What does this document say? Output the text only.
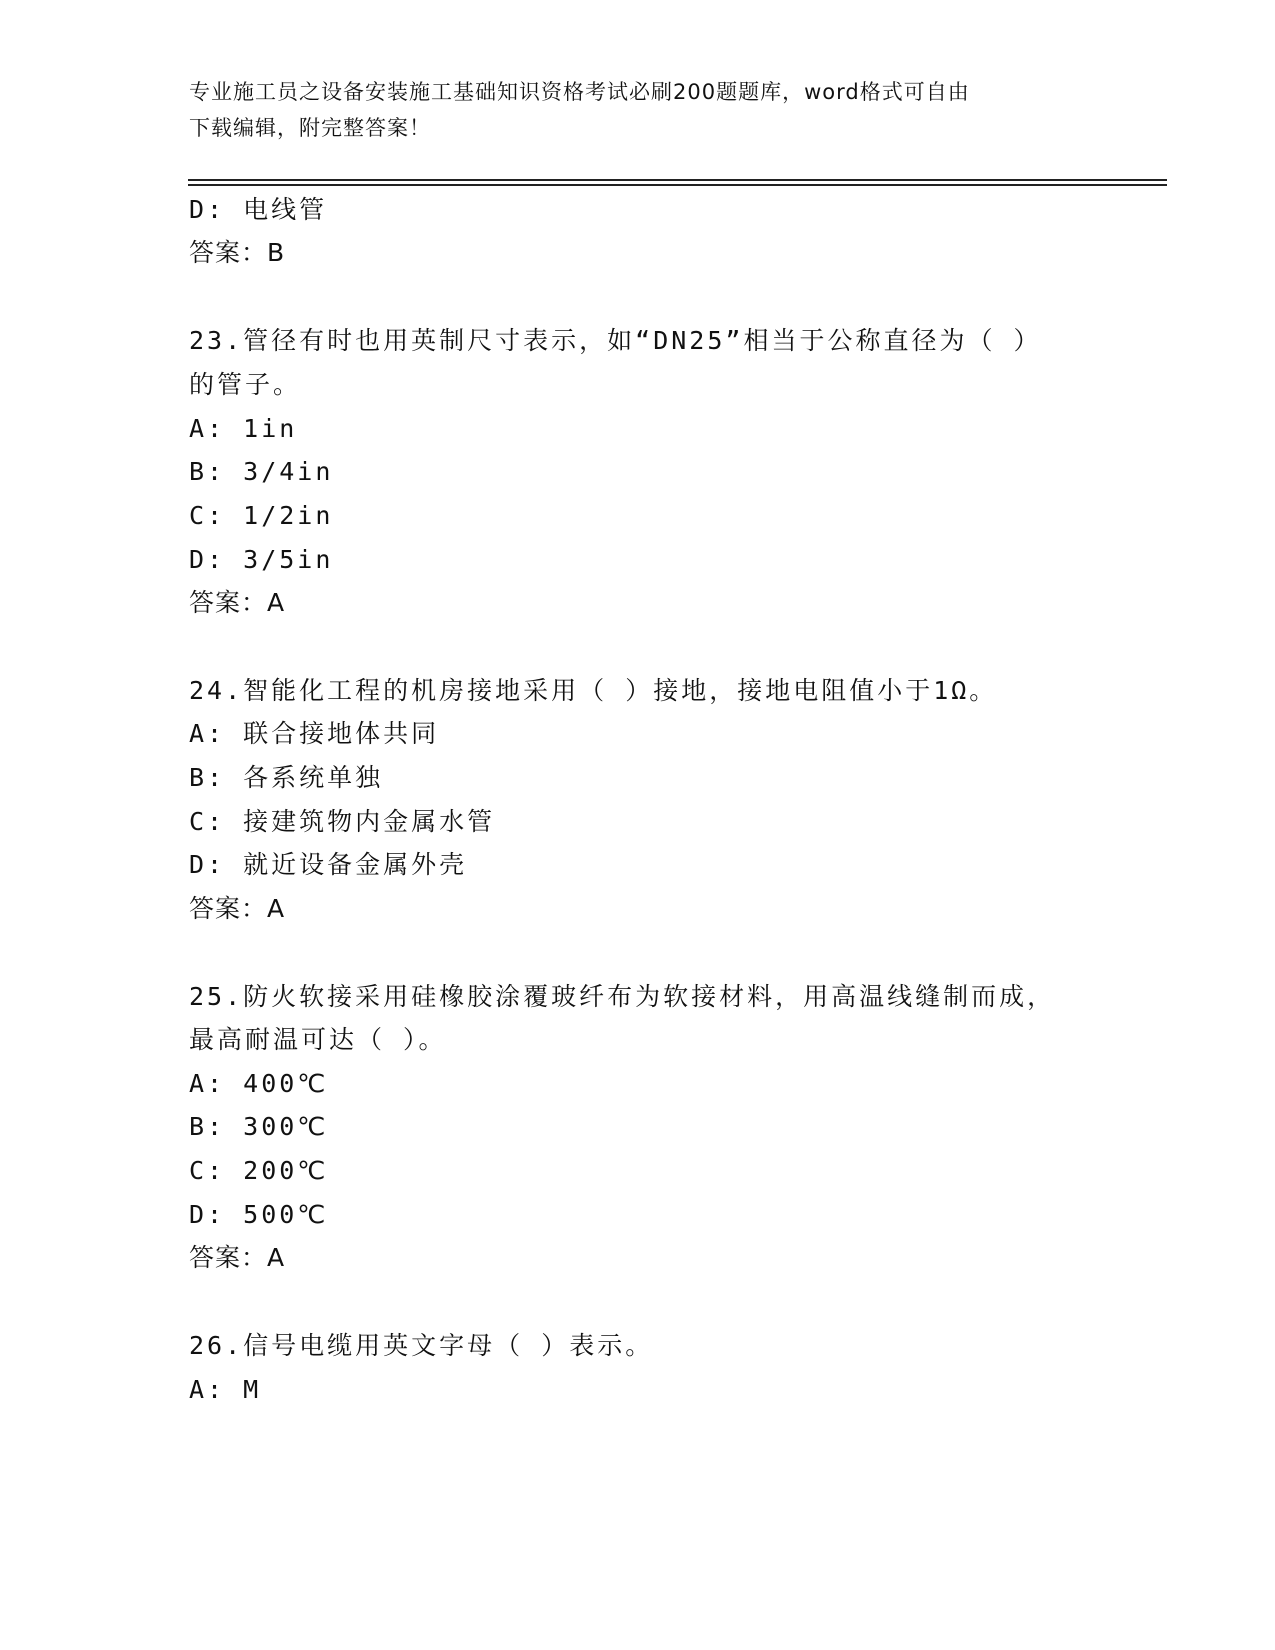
专业施工员之设备安装施工基础知识资格考试必刷200题题库，word格式可自由
下载编辑，附完整答案！
D: 电线管
答案：B
23.管径有时也用英制尺寸表示，如“DN25”相当于公称直径为（ ）
的管子。
A: 1in
B: 3/4in
C: 1/2in
D: 3/5in
答案：A
24.智能化工程的机房接地采用（ ）接地，接地电阻值小于1Ω。
A: 联合接地体共同
B: 各系统单独
C: 接建筑物内金属水管
D: 就近设备金属外壳
答案：A
25.防火软接采用硅橡胶涂覆玻纤布为软接材料，用高温线缝制而成，
最高耐温可达（ ）。
A: 400℃
B: 300℃
C: 200℃
D: 500℃
答案：A
26.信号电缆用英文字母（ ）表示。
A: M
